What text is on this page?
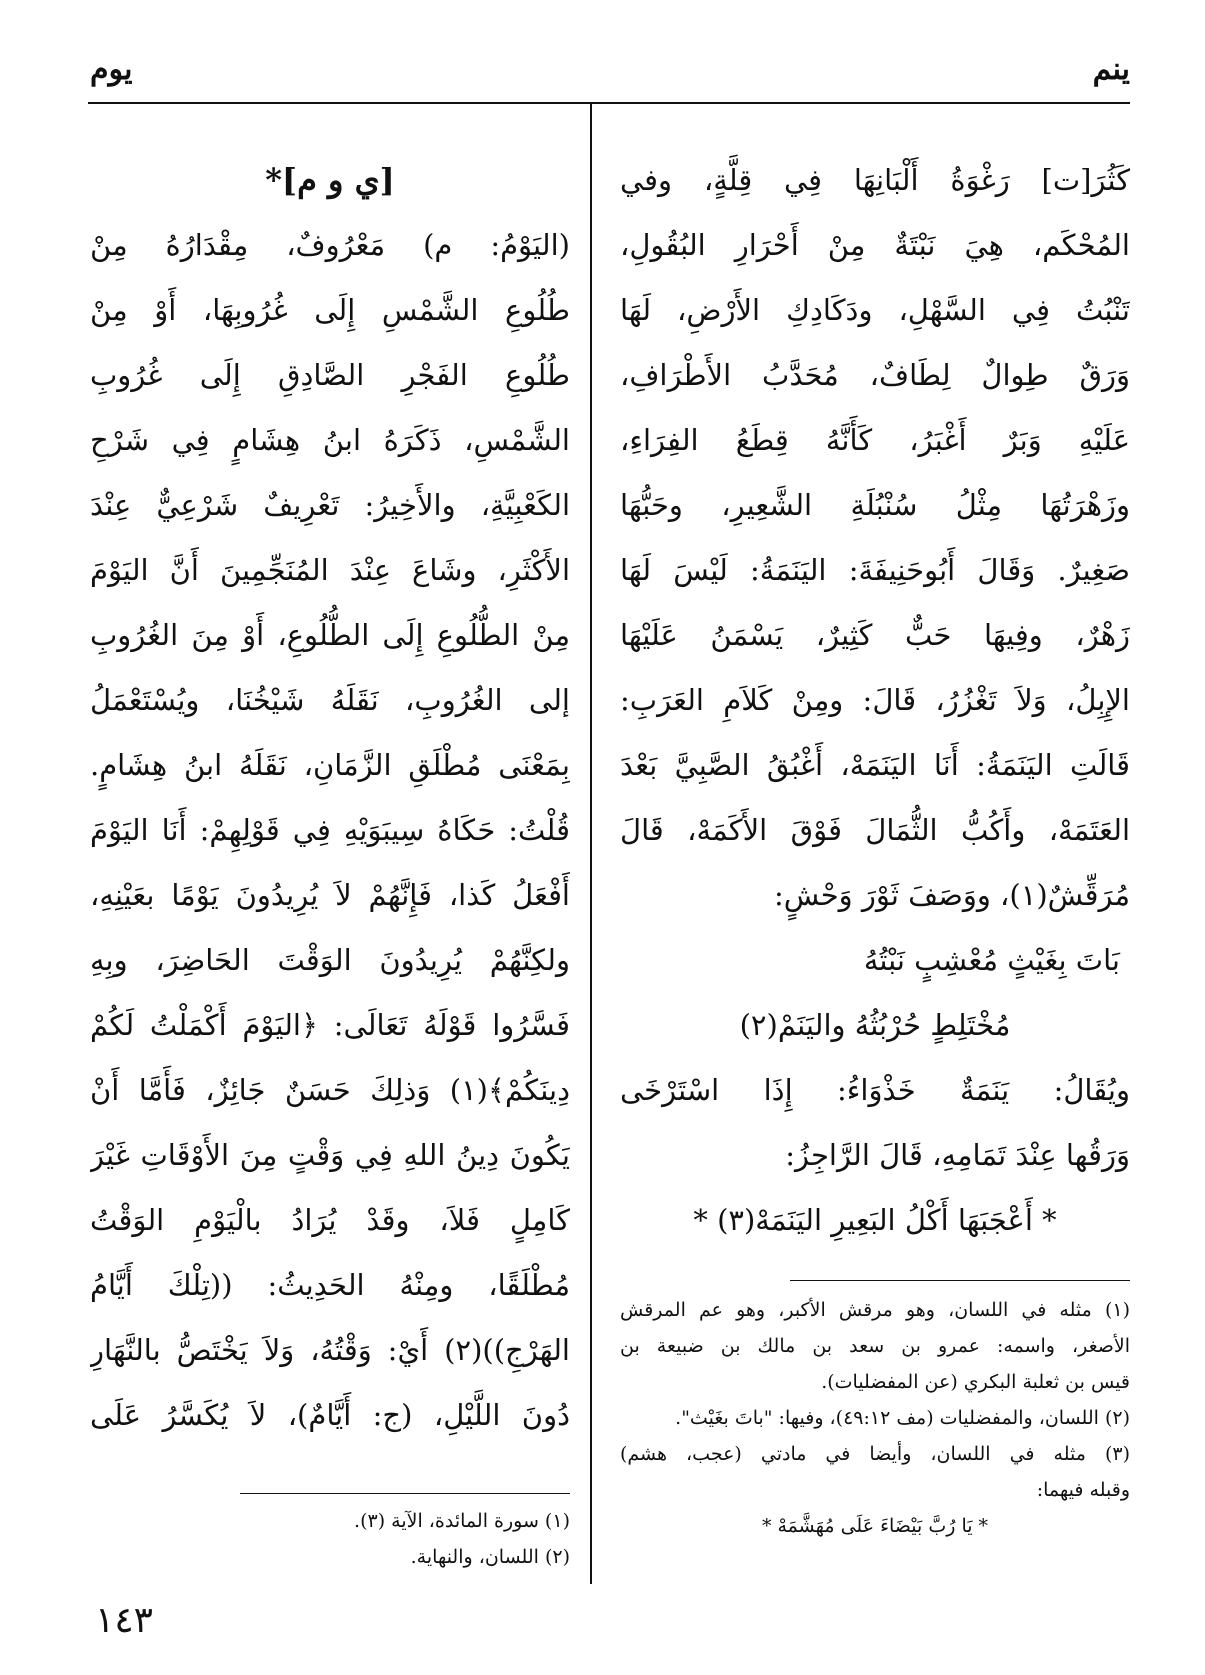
ينم
يوم
كَثُرَ[ت] رَغْوَةُ أَلْبَانِهَا فِي قِلَّةٍ، وفي
المُحْكَم، هِيَ نَبْتَةٌ مِنْ أَحْرَارِ البُقُولِ،
تَنْبُتُ فِي السَّهْلِ، ودَكَادِكِ الأَرْضِ، لَهَا
وَرَقٌ طِوالٌ لِطَافٌ، مُحَدَّبُ الأَطْرَافِ،
عَلَيْهِ وَبَرٌ أَغْبَرُ، كَأَنَّهُ قِطَعُ الفِرَاءِ،
وزَهْرَتُهَا مِثْلُ سُنْبُلَةِ الشَّعِيرِ، وحَبُّهَا
صَغِيرٌ. وَقَالَ أَبُوحَنِيفَةَ: اليَنَمَةُ: لَيْسَ لَهَا
زَهْرٌ، وفِيهَا حَبٌّ كَثِيرٌ، يَسْمَنُ عَلَيْهَا
الإِبِلُ، وَلاَ تَغْزُرُ، قَالَ: ومِنْ كَلاَمِ العَرَبِ:
قَالَتِ اليَنَمَةُ: أَنَا اليَنَمَهْ، أَغْبُقُ الصَّبِيَّ بَعْدَ
العَتَمَهْ، وأَكُبُّ الثُّمَالَ فَوْقَ الأَكَمَهْ، قَالَ
مُرَقِّشٌ(١)، ووَصَفَ ثَوْرَ وَحْشٍ:
بَاتَ بِغَيْثٍ مُعْشِبٍ نَبْتُهُ
مُخْتَلِطٍ حُرْبُثُهُ واليَنَمْ(٢)
ويُقَالُ: يَنَمَةٌ خَذْوَاءُ: إِذَا اسْتَرْخَى
وَرَقُها عِنْدَ تَمَامِهِ، قَالَ الرَّاجِزُ:
* أَعْجَبَهَا أَكْلُ البَعِيرِ اليَنَمَهْ(٣) *
(١) مثله في اللسان، وهو مرقش الأكبر، وهو عم المرقش
الأصغر، واسمه: عمرو بن سعد بن مالك بن ضبيعة بن
قيس بن ثعلبة البكري (عن المفضليات).
(٢) اللسان، والمفضليات (مف ٤٩:١٢)، وفيها: "باتَ بغَيْث".
(٣) مثله في اللسان، وأيضا في مادتي (عجب، هشم)
وقبله فيهما:
* يَا رُبَّ بَيْضَاءَ عَلَى مُهَشَّمَهْ *
[ي و م]*
(اليَوْمُ: م) مَعْرُوفٌ، مِقْدَارُهُ مِنْ
طُلُوعِ الشَّمْسِ إِلَى غُرُوبِهَا، أَوْ مِنْ
طُلُوعِ الفَجْرِ الصَّادِقِ إِلَى غُرُوبِ
الشَّمْسِ، ذَكَرَهُ ابنُ هِشَامٍ فِي شَرْحِ
الكَعْبِيَّةِ، والأَخِيرُ: تَعْرِيفٌ شَرْعِيٌّ عِنْدَ
الأَكْثَرِ، وشَاعَ عِنْدَ المُنَجِّمِينَ أَنَّ اليَوْمَ
مِنْ الطُّلُوعِ إِلَى الطُّلُوعِ، أَوْ مِنَ الغُرُوبِ
إلى الغُرُوبِ، نَقَلَهُ شَيْخُنَا، ويُسْتَعْمَلُ
بِمَعْنَى مُطْلَقِ الزَّمَانِ، نَقَلَهُ ابنُ هِشَامٍ.
قُلْتُ: حَكَاهُ سِيبَوَيْهِ فِي قَوْلِهِمْ: أَنَا اليَوْمَ
أَفْعَلُ كَذا، فَإِنَّهُمْ لاَ يُرِيدُونَ يَوْمًا بعَيْنِهِ،
ولكِنَّهُمْ يُرِيدُونَ الوَقْتَ الحَاضِرَ، وبِهِ
فَسَّرُوا قَوْلَهُ تَعَالَى: ﴿اليَوْمَ أَكْمَلْتُ لَكُمْ
دِينَكُمْ﴾(١) وَذلِكَ حَسَنٌ جَائِزٌ، فَأَمَّا أَنْ
يَكُونَ دِينُ اللهِ فِي وَقْتٍ مِنَ الأَوْقَاتِ غَيْرَ
كَامِلٍ فَلاَ، وقَدْ يُرَادُ بالْيَوْمِ الوَقْتُ
مُطْلَقًا، ومِنْهُ الحَدِيثُ: ((تِلْكَ أَيَّامُ
الهَرْجِ))(٢) أَيْ: وَقْتُهُ، وَلاَ يَخْتَصُّ بالنَّهَارِ
دُونَ اللَّيْلِ، (ج: أَيَّامٌ)، لاَ يُكَسَّرُ عَلَى
(١) سورة المائدة، الآية (٣).
(٢) اللسان، والنهاية.
١٤٣
